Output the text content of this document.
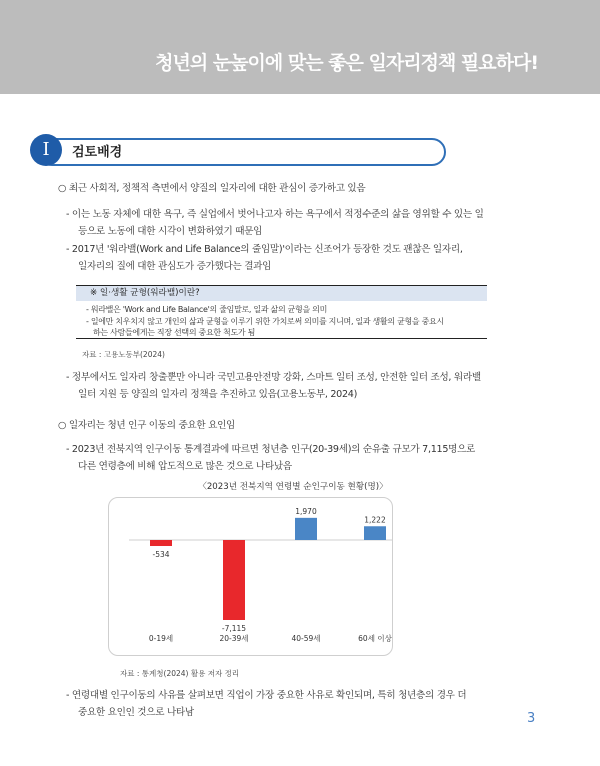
청년의 눈높이에 맞는 좋은 일자리정책 필요하다!
I	검토배경
○ 최근 사회적, 정책적 측면에서 양질의 일자리에 대한 관심이 증가하고 있음
- 이는 노동 자체에 대한 욕구, 즉 실업에서 벗어나고자 하는 욕구에서 적정수준의 삶을 영위할 수 있는 일
등으로 노동에 대한 시각이 변화하였기 때문임
- 2017년 '워라밸(Work and Life Balance의 줄임말)'이라는 신조어가 등장한 것도 괜찮은 일자리,
일자리의 질에 대한 관심도가 증가했다는 결과임
※ 일·생활 균형(워라밸)이란?
- 워라밸은 'Work and Life Balance'의 줄임말로, 일과 삶의 균형을 의미
- 일에만 치우치지 않고 개인의 삶과 균형을 이루기 위한 가치로써 의미를 지니며, 일과 생활의 균형을 중요시
하는 사람들에게는 직장 선택의 중요한 척도가 됨
자료 : 고용노동부(2024)
- 정부에서도 일자리 창출뿐만 아니라 국민고용안전망 강화, 스마트 일터 조성, 안전한 일터 조성, 워라밸
일터 지원 등 양질의 일자리 정책을 추진하고 있음(고용노동부, 2024)
○ 일자리는 청년 인구 이동의 중요한 요인임
- 2023년 전북지역 인구이동 통계결과에 따르면 청년층 인구(20-39세)의 순유출 규모가 7,115명으로
다른 연령층에 비해 압도적으로 많은 것으로 나타났음
〈2023년 전북지역 연령별 순인구이동 현황(명)〉
-534
0-19세
-7,115
20-39세
1,970
40-59세
1,222
60세 이상
자료 : 통계청(2024) 활용 저자 정리
- 연령대별 인구이동의 사유를 살펴보면 직업이 가장 중요한 사유로 확인되며, 특히 청년층의 경우 더
중요한 요인인 것으로 나타남	3
